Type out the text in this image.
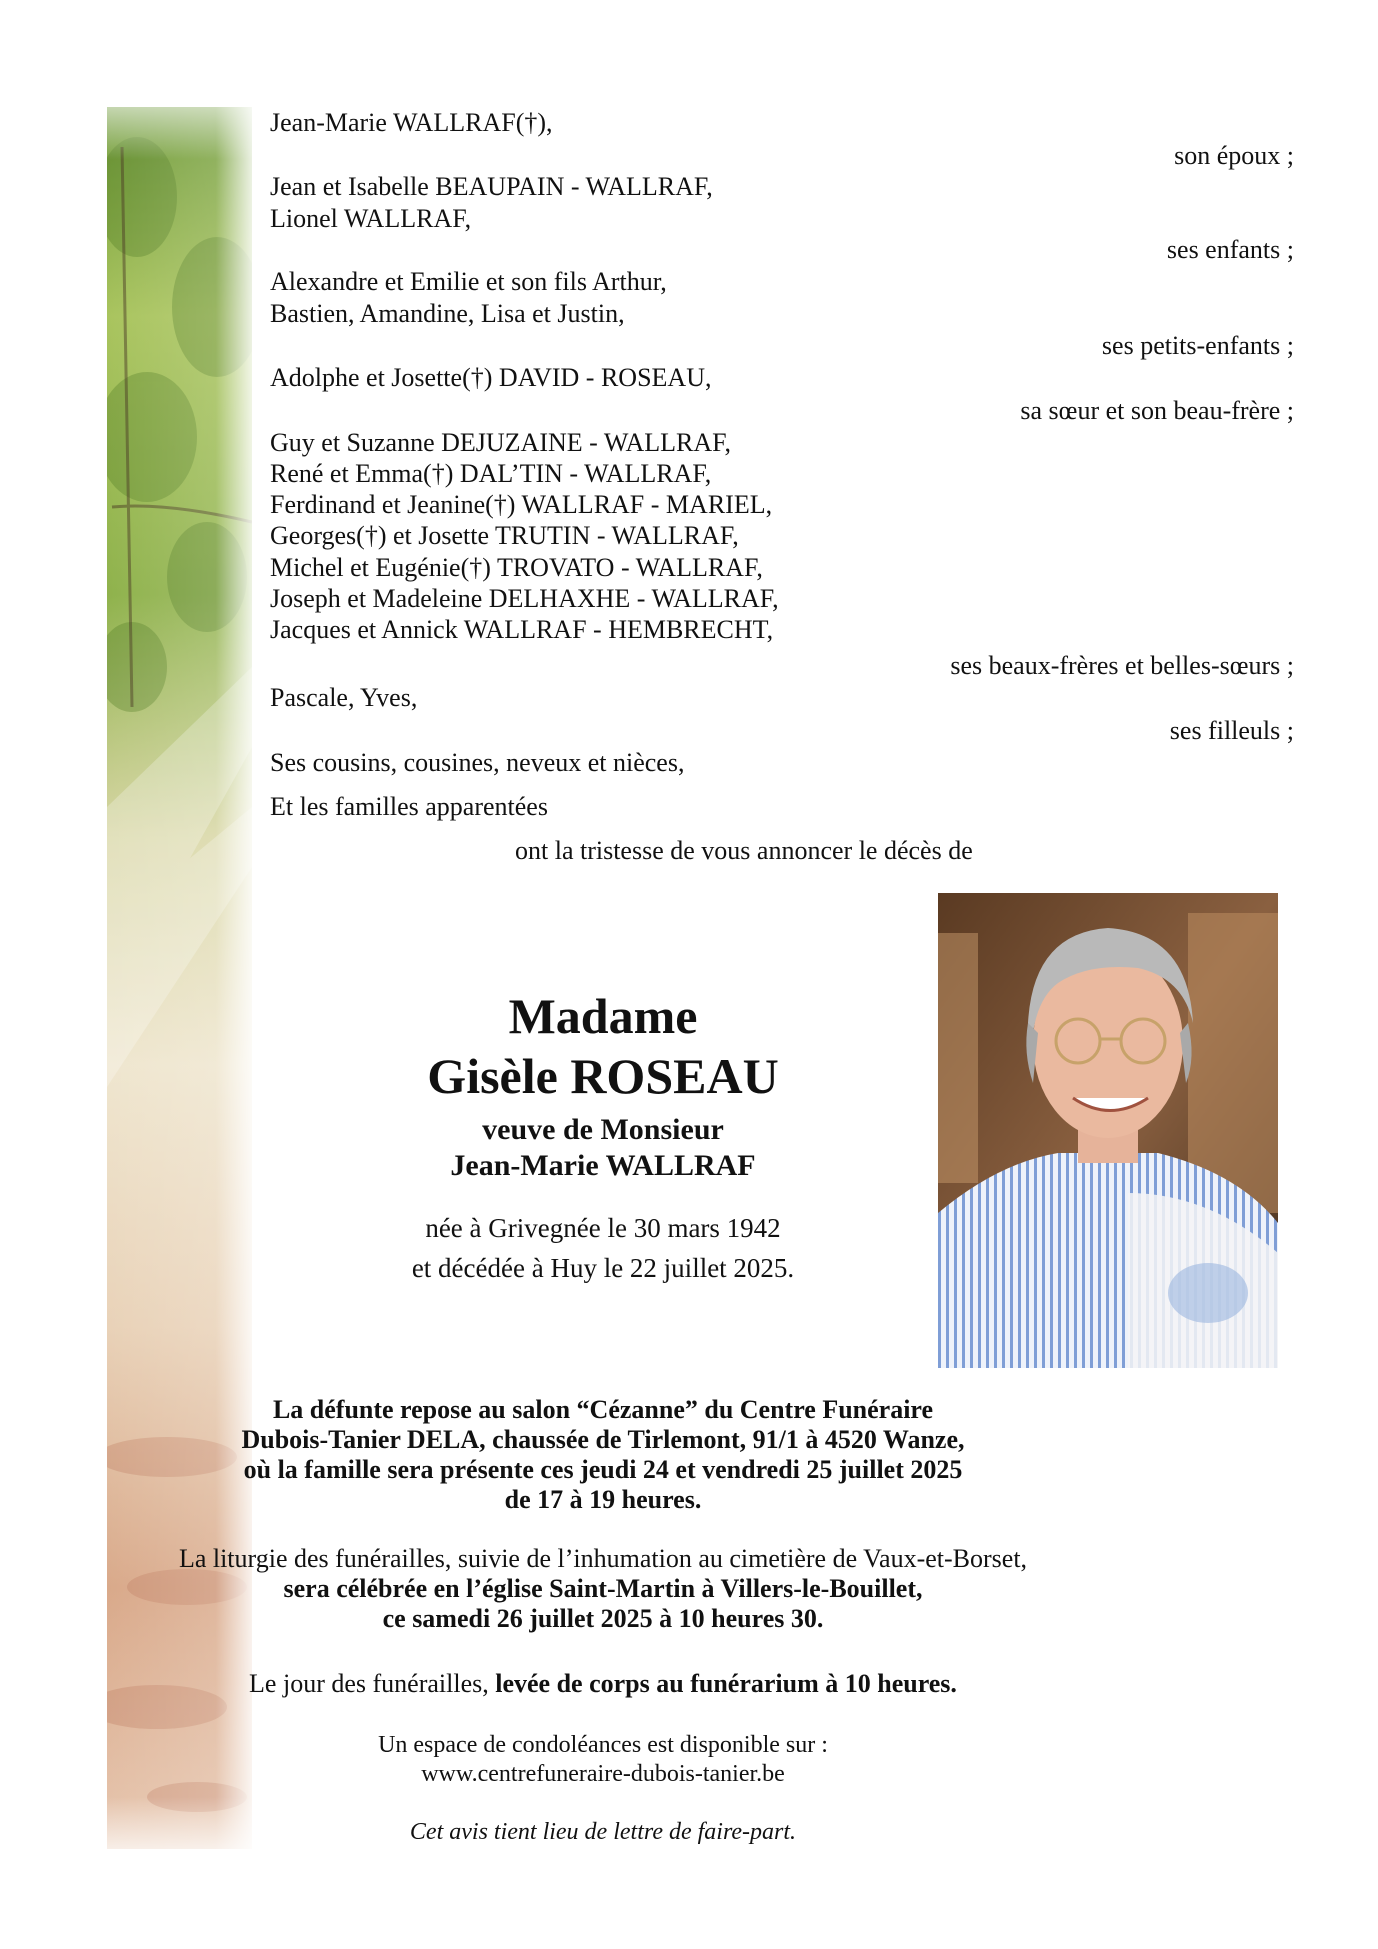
Jean-Marie WALLRAF(†),
son époux ;
Jean et Isabelle BEAUPAIN - WALLRAF,
Lionel WALLRAF,
ses enfants ;
Alexandre et Emilie et son fils Arthur,
Bastien, Amandine, Lisa et Justin,
ses petits-enfants ;
Adolphe et Josette(†) DAVID - ROSEAU,
sa sœur et son beau-frère ;
Guy et Suzanne DEJUZAINE - WALLRAF,
René et Emma(†) DAL’TIN - WALLRAF,
Ferdinand et Jeanine(†) WALLRAF - MARIEL,
Georges(†) et Josette TRUTIN - WALLRAF,
Michel et Eugénie(†) TROVATO - WALLRAF,
Joseph et Madeleine DELHAXHE - WALLRAF,
Jacques et Annick WALLRAF - HEMBRECHT,
ses beaux-frères et belles-sœurs ;
Pascale, Yves,
ses filleuls ;
Ses cousins, cousines, neveux et nièces,
Et les familles apparentées
ont la tristesse de vous annoncer le décès de
Madame
Gisèle ROSEAU
veuve de Monsieur
Jean-Marie WALLRAF
née à Grivegnée le 30 mars 1942
et décédée à Huy le 22 juillet 2025.
La défunte repose au salon “Cézanne” du Centre Funéraire
Dubois-Tanier DELA, chaussée de Tirlemont, 91/1 à 4520 Wanze,
où la famille sera présente ces jeudi 24 et vendredi 25 juillet 2025
de 17 à 19 heures.
La liturgie des funérailles, suivie de l’inhumation au cimetière de Vaux-et-Borset,
sera célébrée en l’église Saint-Martin à Villers-le-Bouillet,
ce samedi 26 juillet 2025 à 10 heures 30.
Le jour des funérailles, levée de corps au funérarium à 10 heures.
Un espace de condoléances est disponible sur :
www.centrefuneraire-dubois-tanier.be
Cet avis tient lieu de lettre de faire-part.
